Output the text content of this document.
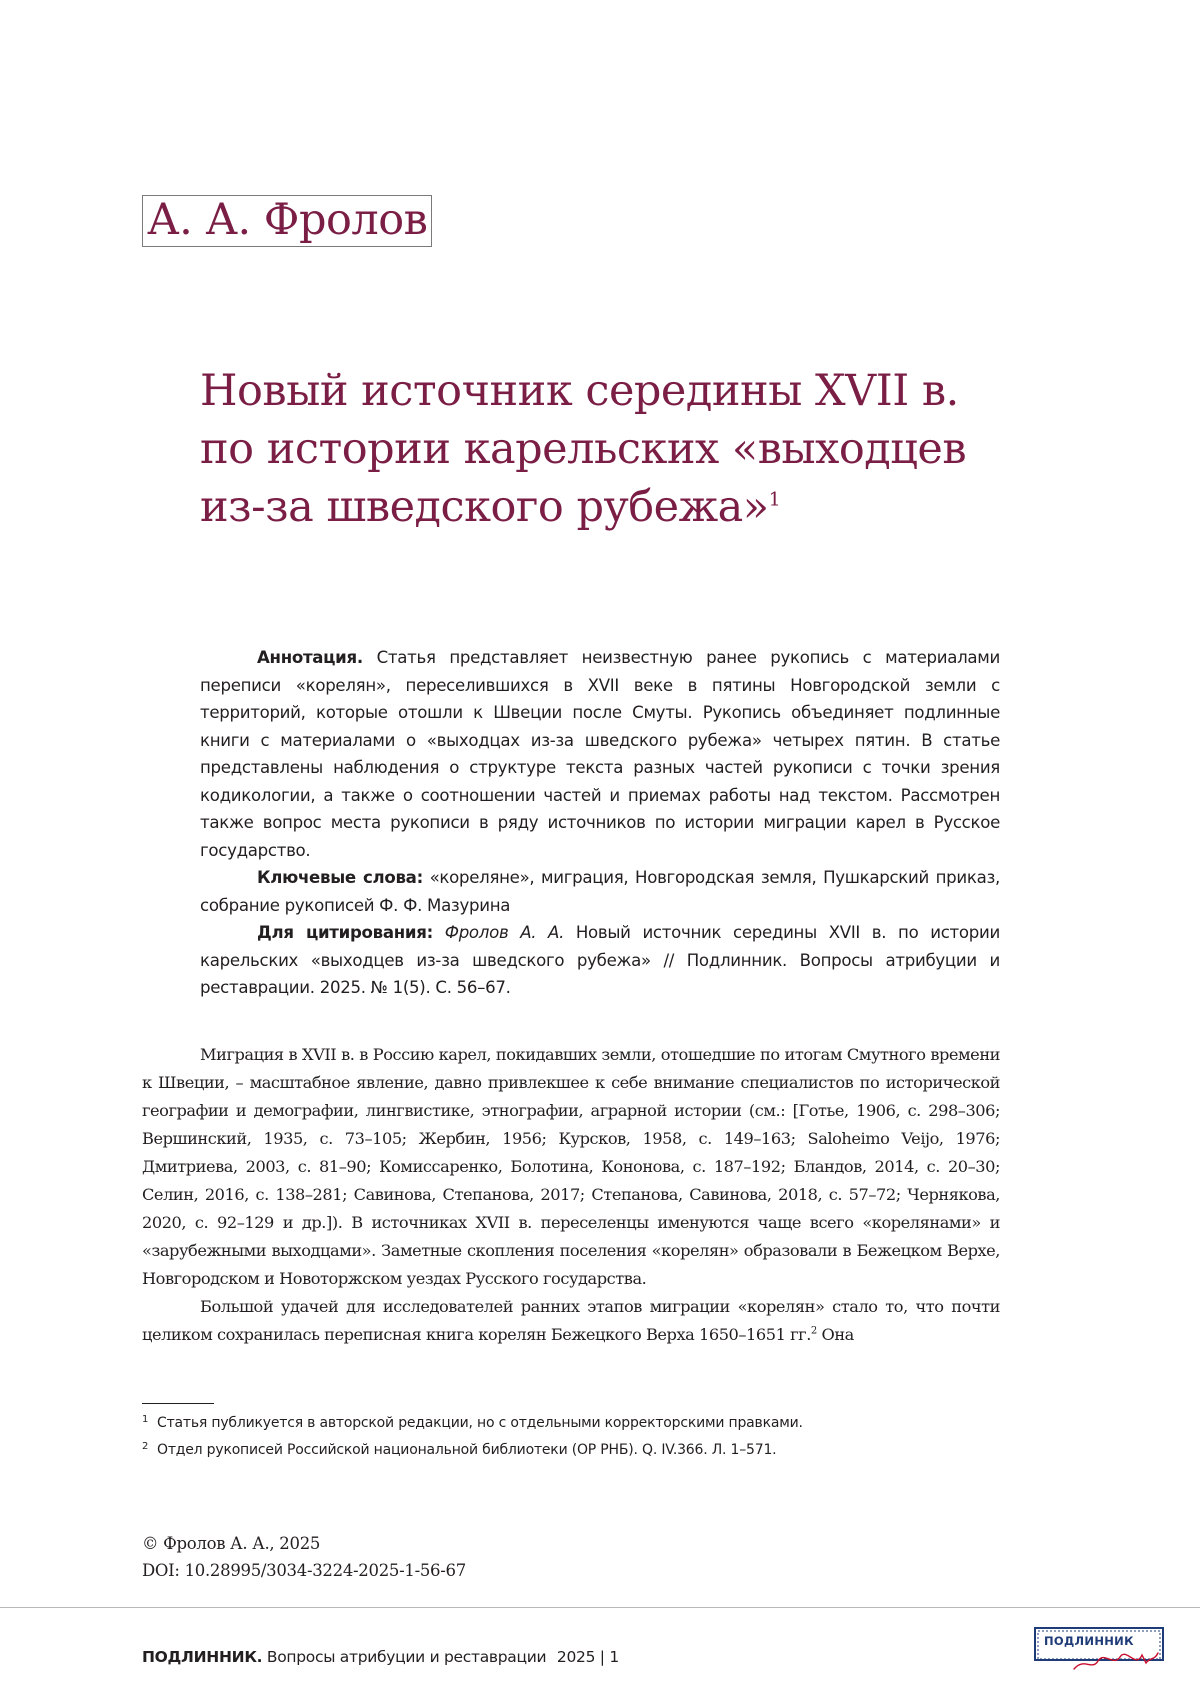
А. А. Фролов
Новый источник середины XVII в.
по истории карельских «выходцев
из-за шведского рубежа»1

Аннотация. Статья представляет неизвестную ранее рукопись с материалами переписи «корелян», переселившихся в XVII веке в пятины Новгородской земли с территорий, которые отошли к Швеции после Смуты. Рукопись объединяет подлинные книги с материалами о «выходцах из-за шведского рубежа» четырех пятин. В статье представлены наблюдения о структуре текста разных частей рукописи с точки зрения кодикологии, а также о соотношении частей и приемах работы над текстом. Рассмотрен также вопрос места рукописи в ряду источников по истории миграции карел в Русское государство.

Ключевые слова: «кореляне», миграция, Новгородская земля, Пушкарский приказ, собрание рукописей Ф. Ф. Мазурина

Для цитирования: Фролов А. А. Новый источник середины XVII в. по истории карельских «выходцев из-за шведского рубежа» // Подлинник. Вопросы атрибуции и реставрации. 2025. № 1(5). С. 56–67.

Миграция в XVII в. в Россию карел, покидавших земли, отошедшие по итогам Смутного времени к Швеции, – масштабное явление, давно привлекшее к себе внимание специалистов по исторической географии и демографии, лингвистике, этнографии, аграрной истории (см.: [Готье, 1906, с. 298–306; Вершинский, 1935, с. 73–105; Жербин, 1956; Курсков, 1958, с. 149–163; Saloheimo Veijo, 1976; Дмитриева, 2003, с. 81–90; Комиссаренко, Болотина, Кононова, с. 187–192; Бландов, 2014, с. 20–30; Селин, 2016, с. 138–281; Савинова, Степанова, 2017; Степанова, Савинова, 2018, с. 57–72; Чернякова, 2020, с. 92–129 и др.]). В источниках XVII в. переселенцы именуются чаще всего «корелянами» и «зарубежными выходцами». Заметные скопления поселения «корелян» образовали в Бежецком Верхе, Новгородском и Новоторжском уездах Русского государства.

Большой удачей для исследователей ранних этапов миграции «корелян» стало то, что почти целиком сохранилась переписная книга корелян Бежецкого Верха 1650–1651 гг.2 Она

1 Статья публикуется в авторской редакции, но с отдельными корректорскими правками.
2 Отдел рукописей Российской национальной библиотеки (ОР РНБ). Q. IV.366. Л. 1–571.
© Фролов А. А., 2025
DOI: 10.28995/3034-3224-2025-1-56-67
ПОДЛИННИК. Вопросы атрибуции и реставрации 2025 | 1
ПОДЛИННИК
